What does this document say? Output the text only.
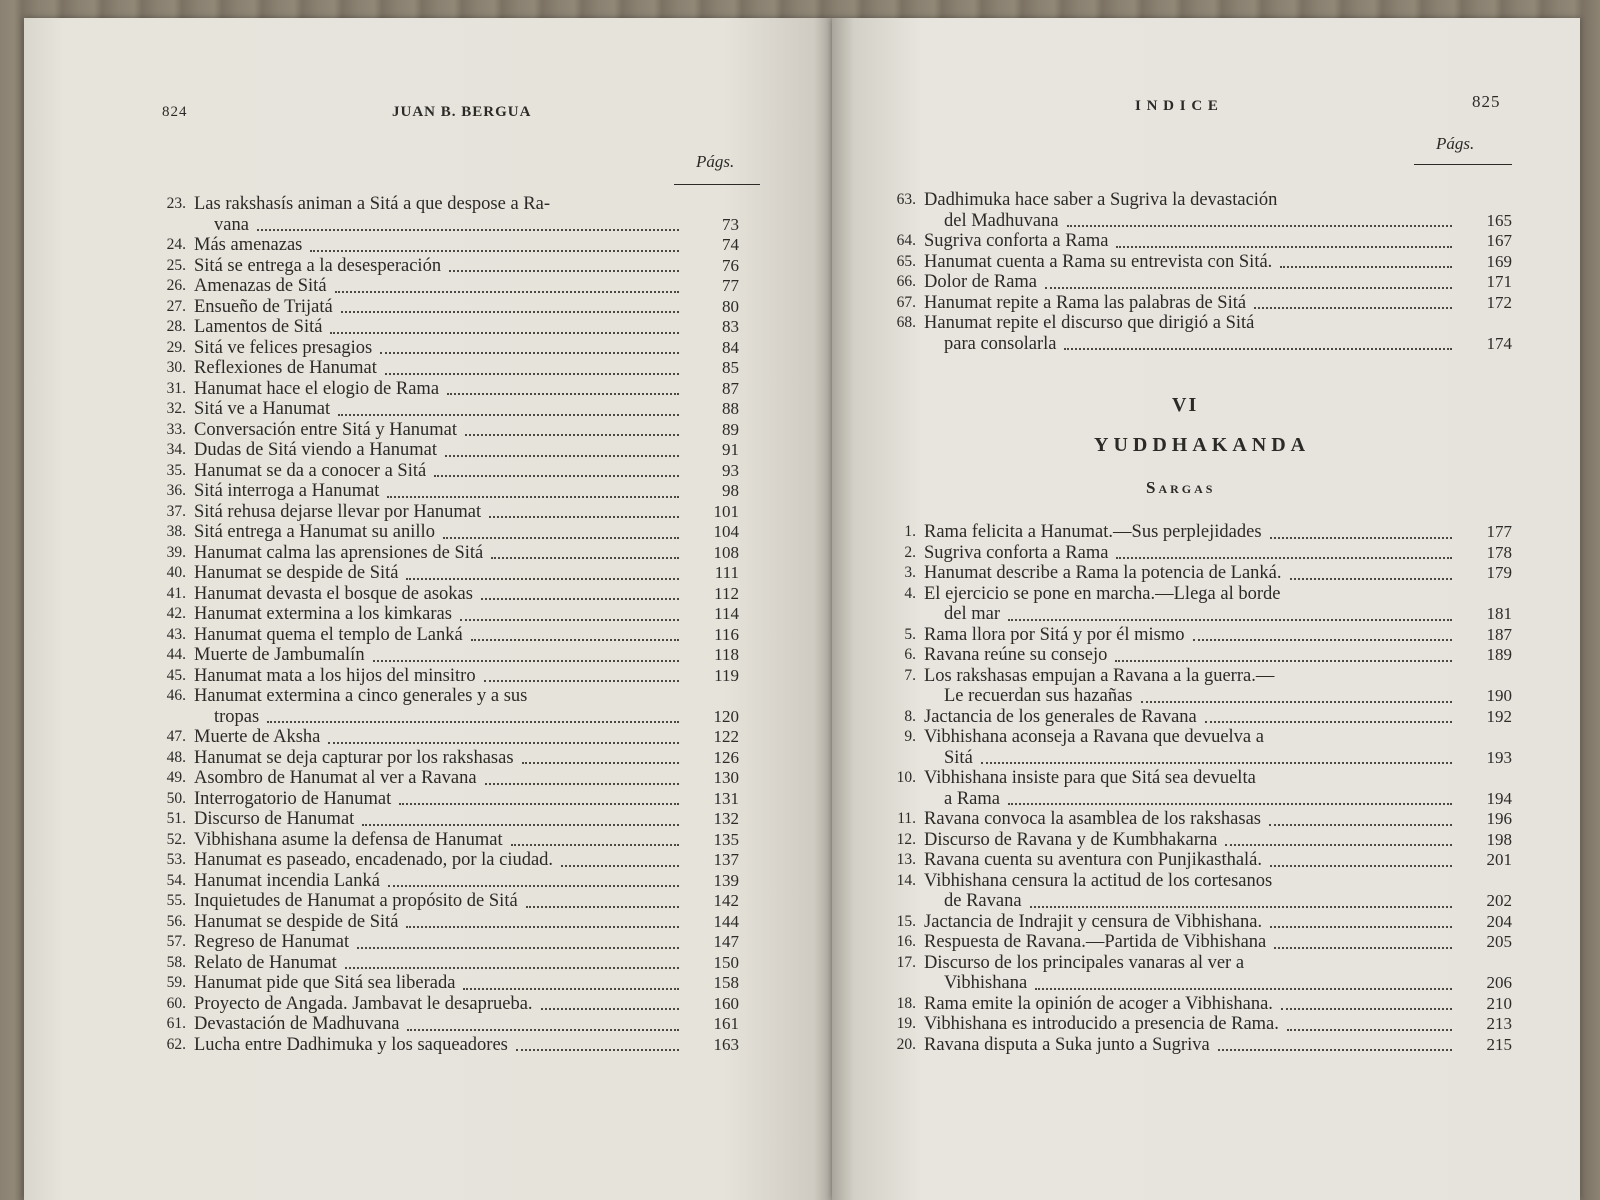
824	JUAN B. BERGUA
Págs.
23. Las rakshasís animan a Sitá a que despose a Ra-
vana	73
24. Más amenazas	74
25. Sitá se entrega a la desesperación	76
26. Amenazas de Sitá	77
27. Ensueño de Trijatá	80
28. Lamentos de Sitá	83
29. Sitá ve felices presagios	84
30. Reflexiones de Hanumat	85
31. Hanumat hace el elogio de Rama	87
32. Sitá ve a Hanumat	88
33. Conversación entre Sitá y Hanumat	89
34. Dudas de Sitá viendo a Hanumat	91
35. Hanumat se da a conocer a Sitá	93
36. Sitá interroga a Hanumat	98
37. Sitá rehusa dejarse llevar por Hanumat	101
38. Sitá entrega a Hanumat su anillo	104
39. Hanumat calma las aprensiones de Sitá	108
40. Hanumat se despide de Sitá	111
41. Hanumat devasta el bosque de asokas	112
42. Hanumat extermina a los kimkaras	114
43. Hanumat quema el templo de Lanká	116
44. Muerte de Jambumalín	118
45. Hanumat mata a los hijos del minsitro	119
46. Hanumat extermina a cinco generales y a sus
tropas	120
47. Muerte de Aksha	122
48. Hanumat se deja capturar por los rakshasas	126
49. Asombro de Hanumat al ver a Ravana	130
50. Interrogatorio de Hanumat	131
51. Discurso de Hanumat	132
52. Vibhishana asume la defensa de Hanumat	135
53. Hanumat es paseado, encadenado, por la ciudad.	137
54. Hanumat incendia Lanká	139
55. Inquietudes de Hanumat a propósito de Sitá	142
56. Hanumat se despide de Sitá	144
57. Regreso de Hanumat	147
58. Relato de Hanumat	150
59. Hanumat pide que Sitá sea liberada	158
60. Proyecto de Angada. Jambavat le desaprueba.	160
61. Devastación de Madhuvana	161
62. Lucha entre Dadhimuka y los saqueadores	163
I N D I C E	825
Págs.
63. Dadhimuka hace saber a Sugriva la devastación
del Madhuvana	165
64. Sugriva conforta a Rama	167
65. Hanumat cuenta a Rama su entrevista con Sitá.	169
66. Dolor de Rama	171
67. Hanumat repite a Rama las palabras de Sitá	172
68. Hanumat repite el discurso que dirigió a Sitá
para consolarla	174
VI
YUDDHAKANDA
Sargas
1. Rama felicita a Hanumat.—Sus perplejidades	177
2. Sugriva conforta a Rama	178
3. Hanumat describe a Rama la potencia de Lanká.	179
4. El ejercicio se pone en marcha.—Llega al borde
del mar	181
5. Rama llora por Sitá y por él mismo	187
6. Ravana reúne su consejo	189
7. Los rakshasas empujan a Ravana a la guerra.—
Le recuerdan sus hazañas	190
8. Jactancia de los generales de Ravana	192
9. Vibhishana aconseja a Ravana que devuelva a
Sitá	193
10. Vibhishana insiste para que Sitá sea devuelta
a Rama	194
11. Ravana convoca la asamblea de los rakshasas	196
12. Discurso de Ravana y de Kumbhakarna	198
13. Ravana cuenta su aventura con Punjikasthalá.	201
14. Vibhishana censura la actitud de los cortesanos
de Ravana	202
15. Jactancia de Indrajit y censura de Vibhishana.	204
16. Respuesta de Ravana.—Partida de Vibhishana	205
17. Discurso de los principales vanaras al ver a
Vibhishana	206
18. Rama emite la opinión de acoger a Vibhishana.	210
19. Vibhishana es introducido a presencia de Rama.	213
20. Ravana disputa a Suka junto a Sugriva	215
